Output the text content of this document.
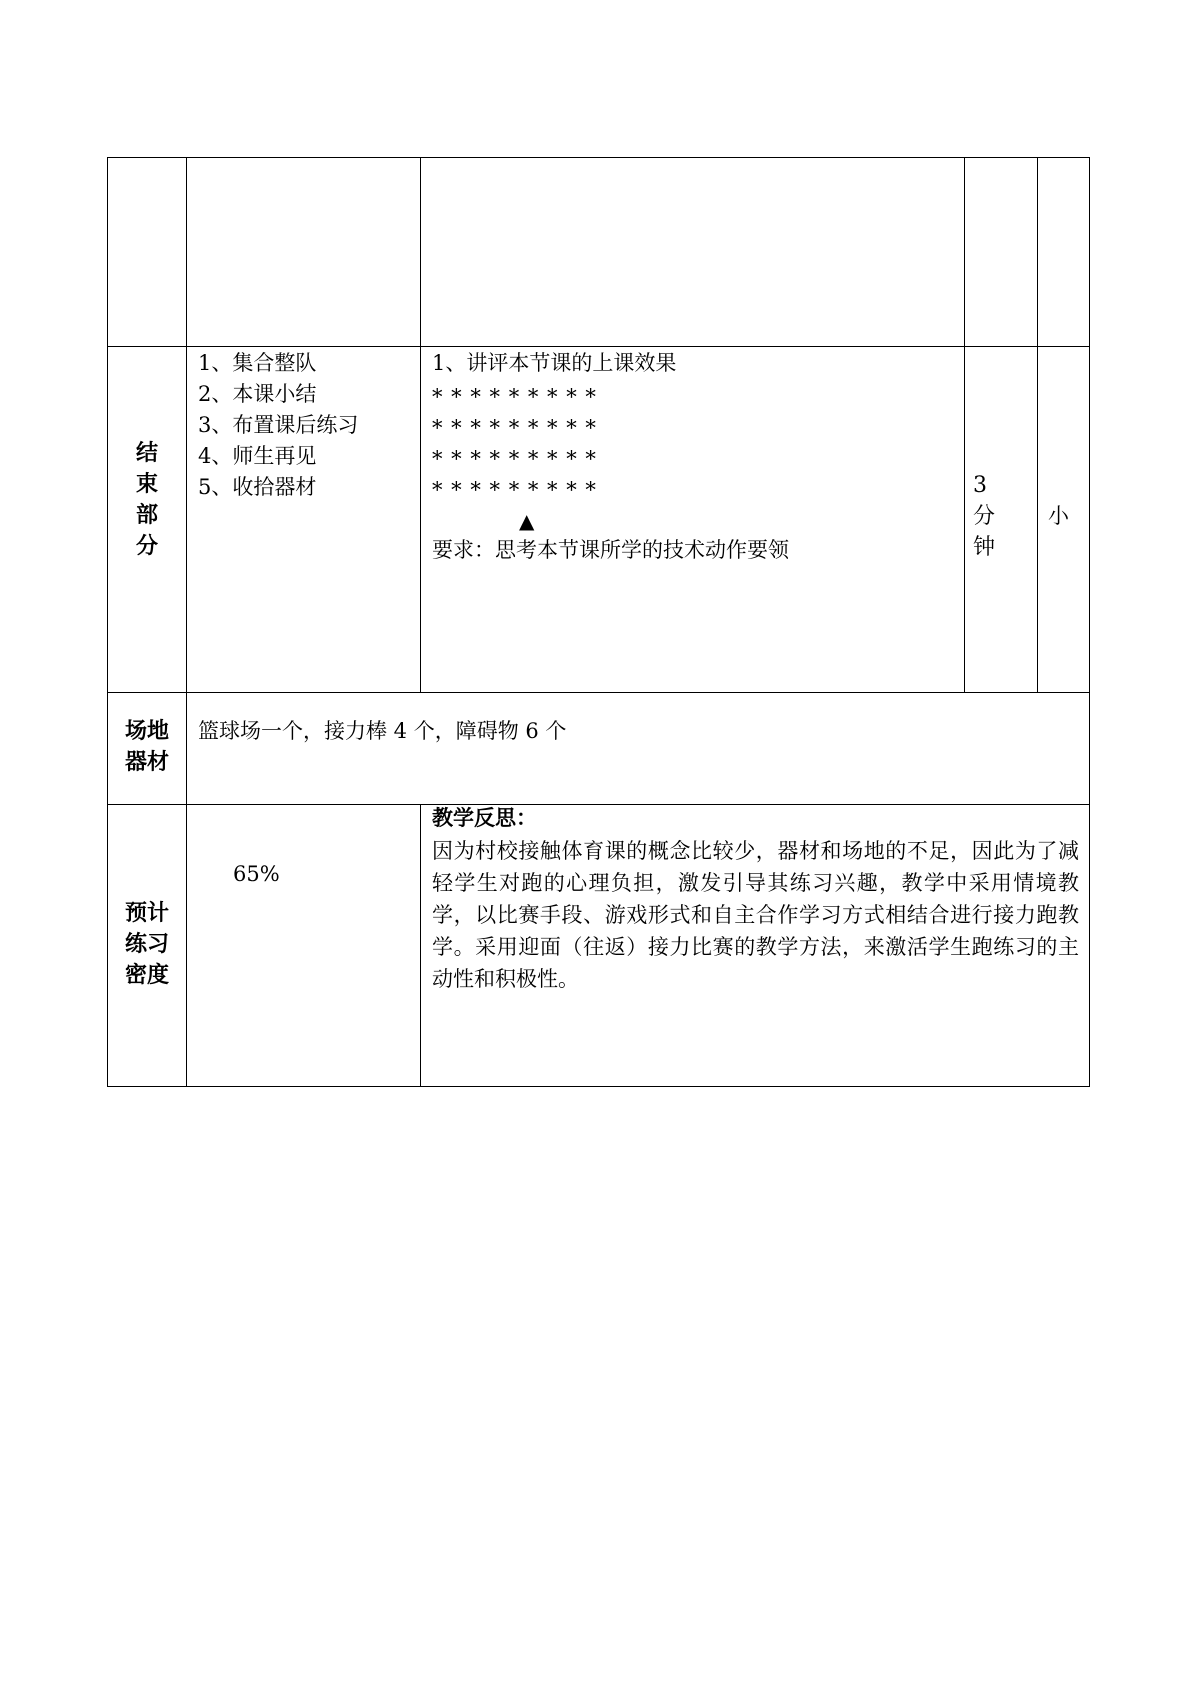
结
束
部
分
1、集合整队
2、本课小结
3、布置课后练习
4、师生再见
5、收拾器材
1、讲评本节课的上课效果
* * * * * * * * *
* * * * * * * * *
* * * * * * * * *
* * * * * * * * *
▲
要求：思考本节课所学的技术动作要领
3
分
钟
小
场地
器材
篮球场一个，接力棒 4 个，障碍物 6 个
预计
练习
密度
65%
教学反思：
因为村校接触体育课的概念比较少，器材和场地的不足，因此为了减轻学生对跑的心理负担，激发引导其练习兴趣，教学中采用情境教学，以比赛手段、游戏形式和自主合作学习方式相结合进行接力跑教学。采用迎面（往返）接力比赛的教学方法，来激活学生跑练习的主动性和积极性。
